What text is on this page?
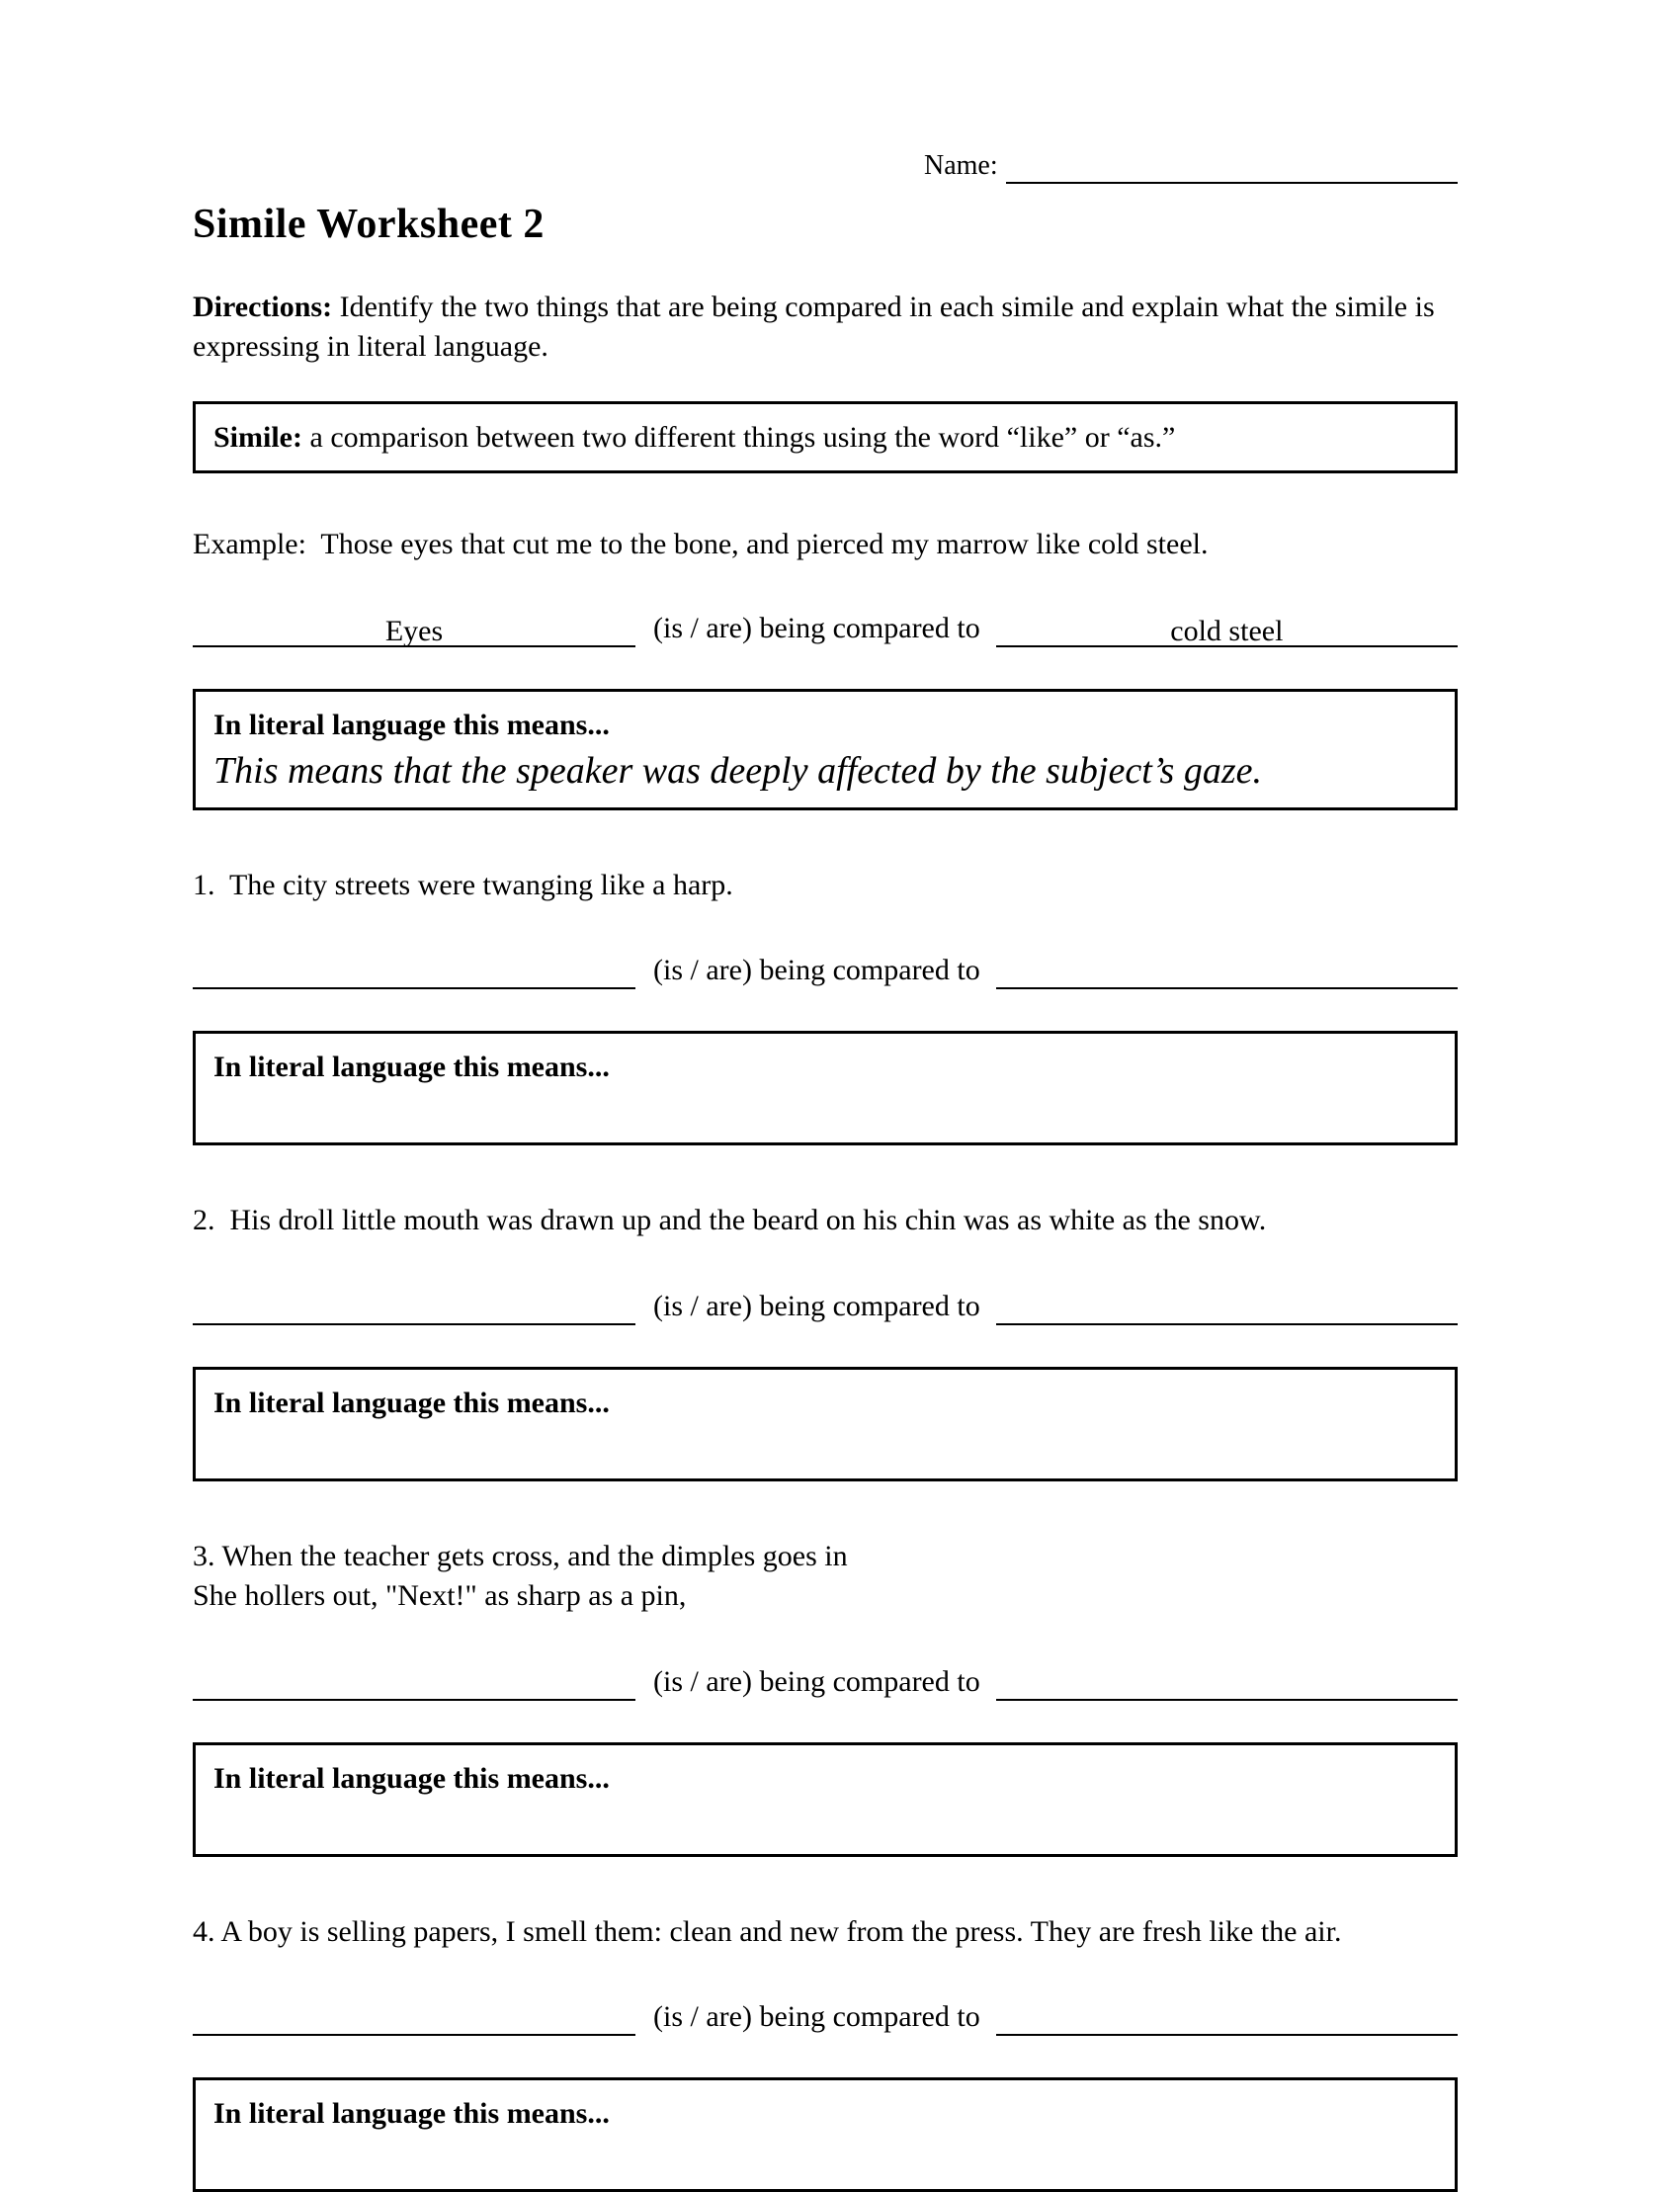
Name:
Simile Worksheet 2

Directions: Identify the two things that are being compared in each simile and explain what the simile is expressing in literal language.

Simile: a comparison between two different things using the word “like” or “as.”

Example:  Those eyes that cut me to the bone, and pierced my marrow like cold steel.

Eyes	(is / are) being compared to	cold steel
In literal language this means...
This means that the speaker was deeply affected by the subject’s gaze.

1.  The city streets were twanging like a harp.

(is / are) being compared to
In literal language this means...

2.  His droll little mouth was drawn up and the beard on his chin was as white as the snow.

(is / are) being compared to
In literal language this means...

3. When the teacher gets cross, and the dimples goes in
She hollers out, "Next!" as sharp as a pin,

(is / are) being compared to
In literal language this means...

4. A boy is selling papers, I smell them: clean and new from the press. They are fresh like the air.

(is / are) being compared to
In literal language this means...
